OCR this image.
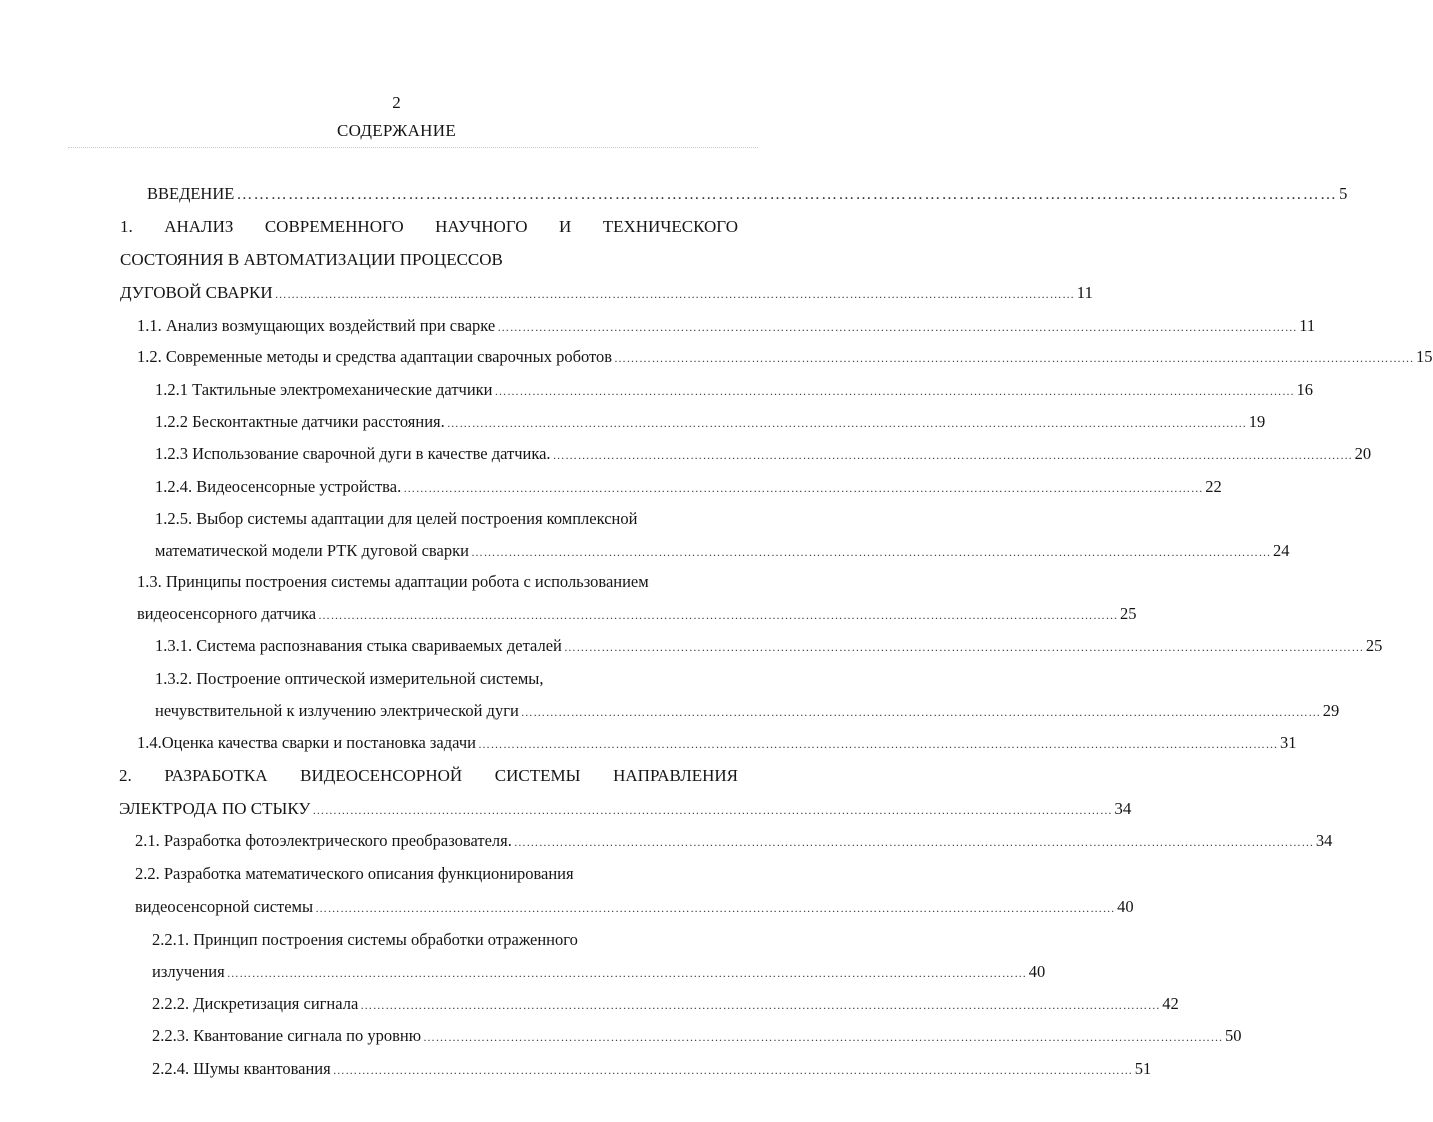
2
СОДЕРЖАНИЕ
ВВЕДЕНИЕ ………………………………………………………………………………………………………………………………………………………………………… 5
1. АНАЛИЗ СОВРЕМЕННОГО НАУЧНОГО И ТЕХНИЧЕСКОГО
СОСТОЯНИЯ В АВТОМАТИЗАЦИИ ПРОЦЕССОВ
ДУГОВОЙ СВАРКИ ………………………………………………………………………………………………………………………………………………………………………… 11
1.1. Анализ возмущающих воздействий при сварке ………………………………………………………………………………………………………………………………………………………………………… 11
1.2. Современные методы и средства адаптации сварочных роботов ………………………………………………………………………………………………………………………………………………………………………… 15
1.2.1 Тактильные электромеханические датчики ………………………………………………………………………………………………………………………………………………………………………… 16
1.2.2 Бесконтактные датчики расстояния. ………………………………………………………………………………………………………………………………………………………………………… 19
1.2.3 Использование сварочной дуги в качестве датчика. ………………………………………………………………………………………………………………………………………………………………………… 20
1.2.4. Видеосенсорные устройства. ………………………………………………………………………………………………………………………………………………………………………… 22
1.2.5. Выбор системы адаптации для целей построения комплексной
математической модели РТК дуговой сварки ………………………………………………………………………………………………………………………………………………………………………… 24
1.3. Принципы построения системы адаптации робота с использованием
видеосенсорного датчика ………………………………………………………………………………………………………………………………………………………………………… 25
1.3.1. Система распознавания стыка свариваемых деталей ………………………………………………………………………………………………………………………………………………………………………… 25
1.3.2. Построение оптической измерительной системы,
нечувствительной к излучению электрической дуги ………………………………………………………………………………………………………………………………………………………………………… 29
1.4.Оценка качества сварки и постановка задачи ………………………………………………………………………………………………………………………………………………………………………… 31
2. РАЗРАБОТКА ВИДЕОСЕНСОРНОЙ СИСТЕМЫ НАПРАВЛЕНИЯ
ЭЛЕКТРОДА ПО СТЫКУ ………………………………………………………………………………………………………………………………………………………………………… 34
2.1. Разработка фотоэлектрического преобразователя. ………………………………………………………………………………………………………………………………………………………………………… 34
2.2. Разработка математического описания функционирования
видеосенсорной системы ………………………………………………………………………………………………………………………………………………………………………… 40
2.2.1. Принцип построения системы обработки отраженного
излучения ………………………………………………………………………………………………………………………………………………………………………… 40
2.2.2. Дискретизация сигнала ………………………………………………………………………………………………………………………………………………………………………… 42
2.2.3. Квантование сигнала по уровню ………………………………………………………………………………………………………………………………………………………………………… 50
2.2.4. Шумы квантования ………………………………………………………………………………………………………………………………………………………………………… 51
